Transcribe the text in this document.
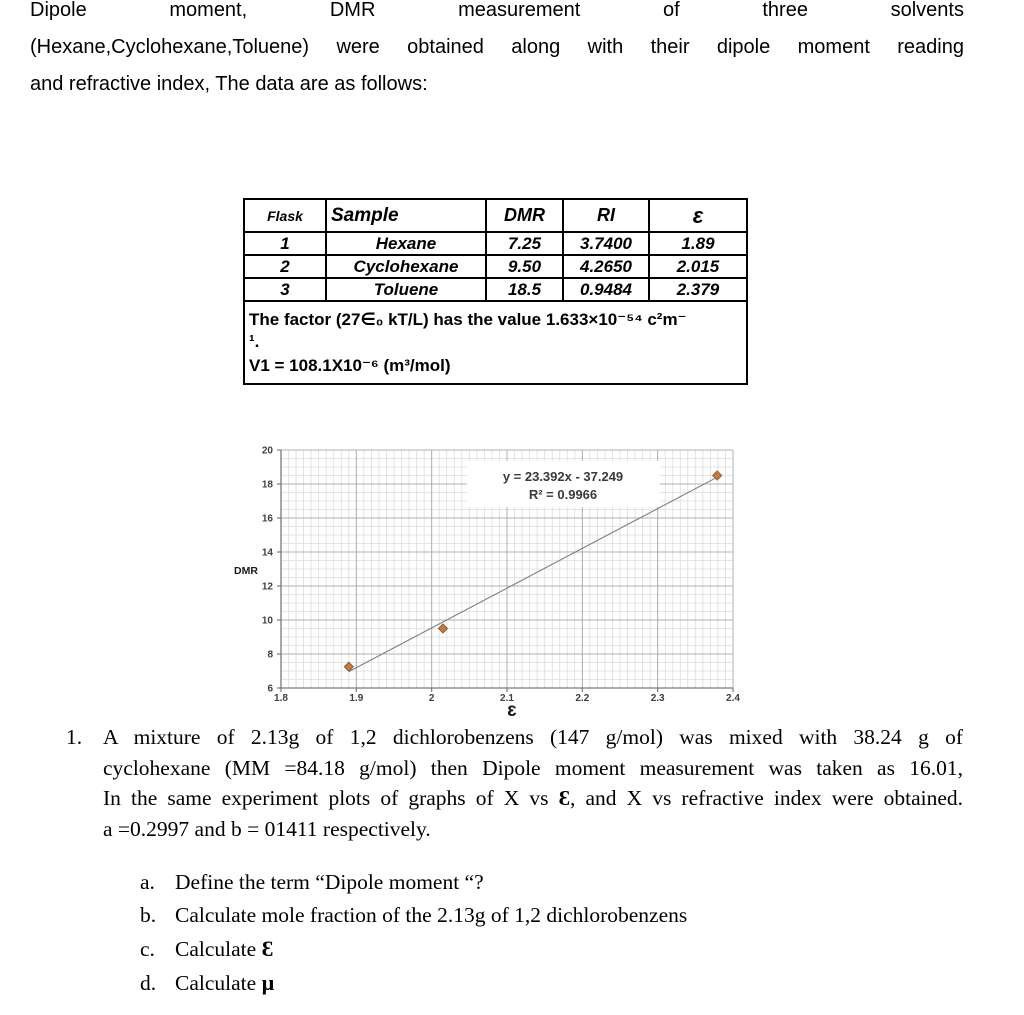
Dipole moment, DMR measurement of three solvents
(Hexane,Cyclohexane,Toluene) were obtained along with their dipole moment reading
and refractive index, The data are as follows:
Flask	Sample	DMR	RI	ɛ
1	Hexane	7.25	3.7400	1.89
2	Cyclohexane	9.50	4.2650	2.015
3	Toluene	18.5	0.9484	2.379

The factor (27∈₀ kT/L) has the value 1.633×10⁻⁵⁴ c²m⁻
¹.
V1 = 108.1X10⁻⁶ (m³/mol)				
y = 23.392x - 37.249
R² = 0.9966
1.8	1.9	2	2.1	2.2	2.3	2.4
6
8
10
12
14
16
18
20
DMR
ɛ
1. A mixture of 2.13g of 1,2 dichlorobenzens (147 g/mol) was mixed with 38.24 g of
cyclohexane (MM =84.18 g/mol) then Dipole moment measurement was taken as 16.01,
In the same experiment plots of graphs of X vs Ɛ, and X vs refractive index were obtained.
a =0.2997 and b = 01411 respectively.
a. Define the term “Dipole moment “?
b. Calculate mole fraction of the 2.13g of 1,2 dichlorobenzens
c. Calculate Ɛ
d. Calculate µ
